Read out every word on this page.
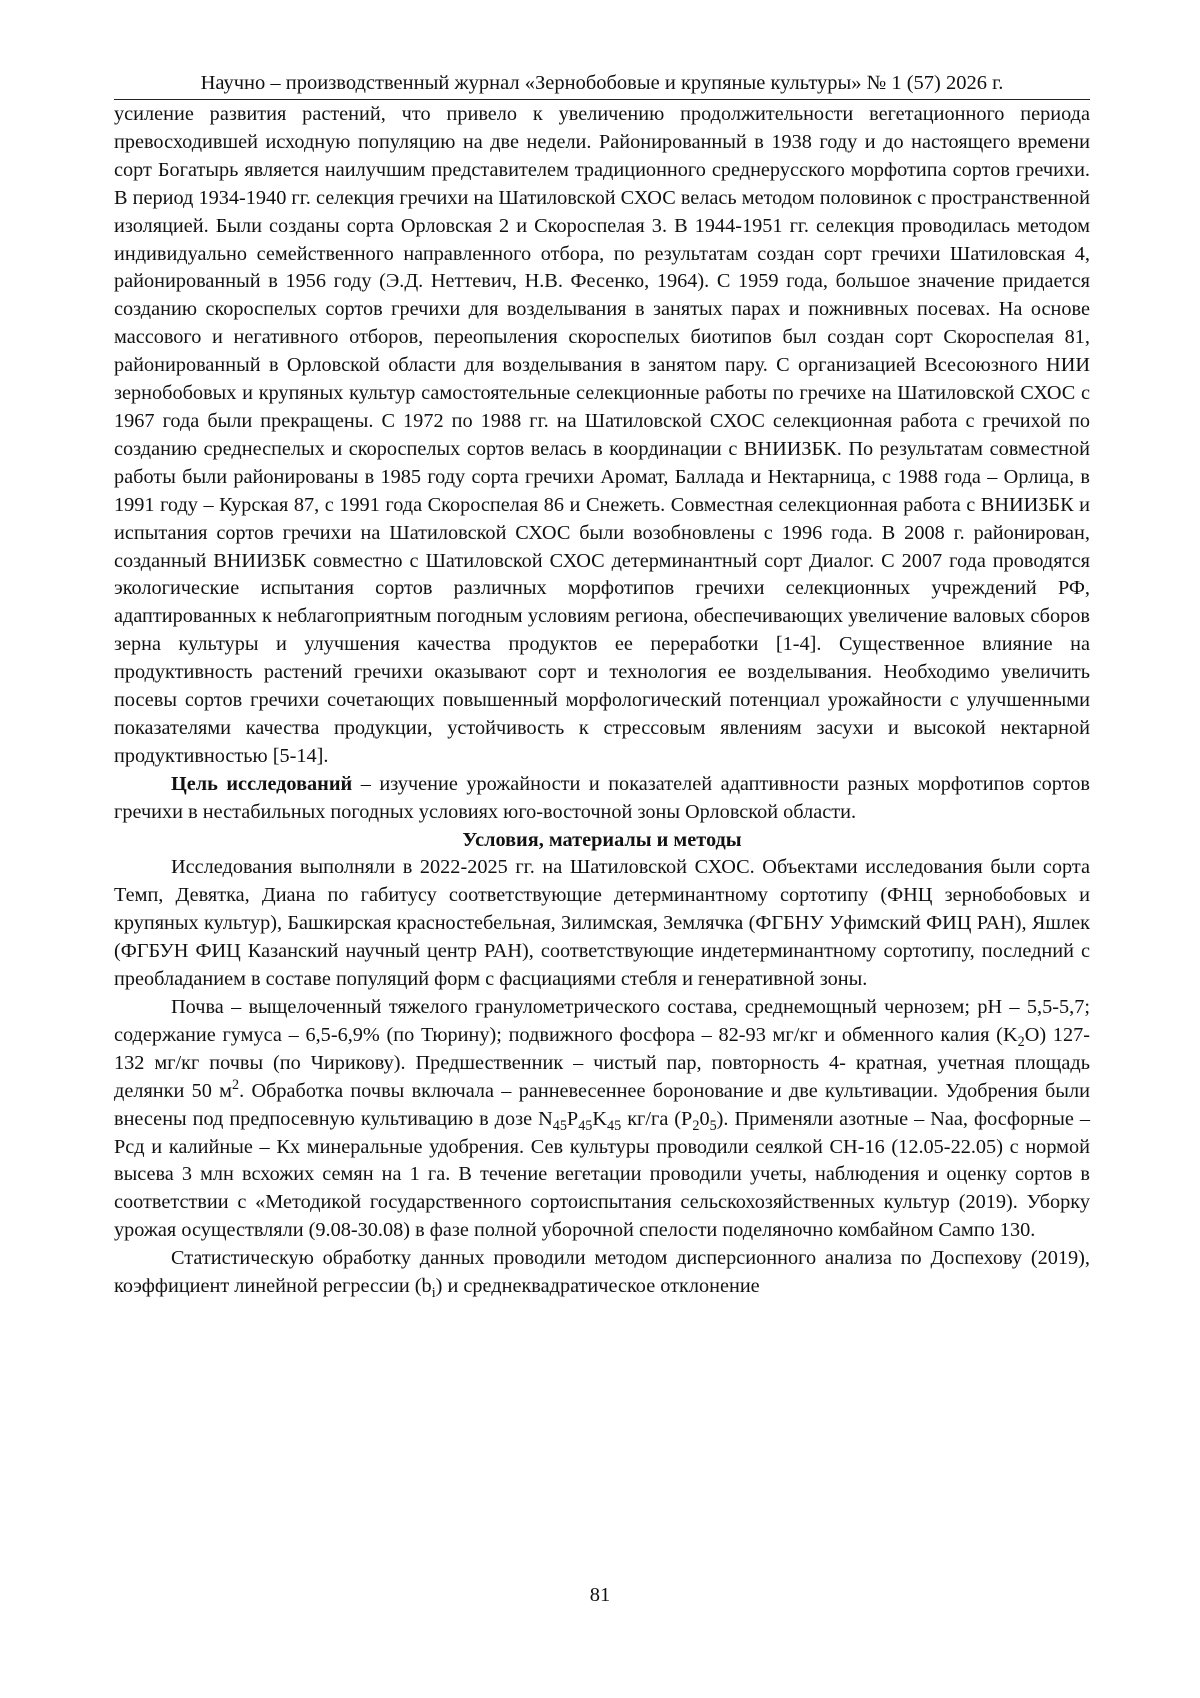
Научно – производственный журнал «Зернобобовые и крупяные культуры» № 1 (57) 2026 г.

усиление развития растений, что привело к увеличению продолжительности вегетационного периода превосходившей исходную популяцию на две недели. Районированный в 1938 году и до настоящего времени сорт Богатырь является наилучшим представителем традиционного среднерусского морфотипа сортов гречихи. В период 1934-1940 гг. селекция гречихи на Шатиловской СХОС велась методом половинок с пространственной изоляцией. Были созданы сорта Орловская 2 и Скороспелая 3. В 1944-1951 гг. селекция проводилась методом индивидуально семейственного направленного отбора, по результатам создан сорт гречихи Шатиловская 4, районированный в 1956 году (Э.Д. Неттевич, Н.В. Фесенко, 1964). С 1959 года, большое значение придается созданию скороспелых сортов гречихи для возделывания в занятых парах и пожнивных посевах. На основе массового и негативного отборов, переопыления скороспелых биотипов был создан сорт Скороспелая 81, районированный в Орловской области для возделывания в занятом пару. С организацией Всесоюзного НИИ зернобобовых и крупяных культур самостоятельные селекционные работы по гречихе на Шатиловской СХОС с 1967 года были прекращены. С 1972 по 1988 гг. на Шатиловской СХОС селекционная работа с гречихой по созданию среднеспелых и скороспелых сортов велась в координации с ВНИИЗБК. По результатам совместной работы были районированы в 1985 году сорта гречихи Аромат, Баллада и Нектарница, с 1988 года – Орлица, в 1991 году – Курская 87, с 1991 года Скороспелая 86 и Снежеть. Совместная селекционная работа с ВНИИЗБК и испытания сортов гречихи на Шатиловской СХОС были возобновлены с 1996 года. В 2008 г. районирован, созданный ВНИИЗБК совместно с Шатиловской СХОС детерминантный сорт Диалог. С 2007 года проводятся экологические испытания сортов различных морфотипов гречихи селекционных учреждений РФ, адаптированных к неблагоприятным погодным условиям региона, обеспечивающих увеличение валовых сборов зерна культуры и улучшения качества продуктов ее переработки [1-4]. Существенное влияние на продуктивность растений гречихи оказывают сорт и технология ее возделывания. Необходимо увеличить посевы сортов гречихи сочетающих повышенный морфологический потенциал урожайности с улучшенными показателями качества продукции, устойчивость к стрессовым явлениям засухи и высокой нектарной продуктивностью [5-14].

Цель исследований – изучение урожайности и показателей адаптивности разных морфотипов сортов гречихи в нестабильных погодных условиях юго-восточной зоны Орловской области.

Условия, материалы и методы

Исследования выполняли в 2022-2025 гг. на Шатиловской СХОС. Объектами исследования были сорта Темп, Девятка, Диана по габитусу соответствующие детерминантному сортотипу (ФНЦ зернобобовых и крупяных культур), Башкирская красностебельная, Зилимская, Землячка (ФГБНУ Уфимский ФИЦ РАН), Яшлек (ФГБУН ФИЦ Казанский научный центр РАН), соответствующие индетерминантному сортотипу, последний с преобладанием в составе популяций форм с фасциациями стебля и генеративной зоны.

Почва – выщелоченный тяжелого гранулометрического состава, среднемощный чернозем; pH – 5,5-5,7; содержание гумуса – 6,5-6,9% (по Тюрину); подвижного фосфора – 82-93 мг/кг и обменного калия $(K_2O)$ 127-132 мг/кг почвы (по Чирикову). Предшественник – чистый пар, повторность 4- кратная, учетная площадь делянки 50 $м^2$. Обработка почвы включала – ранневесеннее боронование и две культивации. Удобрения были внесены под предпосевную культивацию в дозе $N_{45}P_{45}K_{45}$ кг/га $(P_20_5)$. Применяли азотные – Naa, фосфорные – Pсд и калийные – Кх минеральные удобрения. Сев культуры проводили сеялкой СН-16 (12.05-22.05) с нормой высева 3 млн всхожих семян на 1 га. В течение вегетации проводили учеты, наблюдения и оценку сортов в соответствии с «Методикой государственного сортоиспытания сельскохозяйственных культур (2019). Уборку урожая осуществляли (9.08-30.08) в фазе полной уборочной спелости поделяночно комбайном Сампо 130.

Статистическую обработку данных проводили методом дисперсионного анализа по Доспехову (2019), коэффициент линейной регрессии $(b_i)$ и среднеквадратическое отклонение

81
